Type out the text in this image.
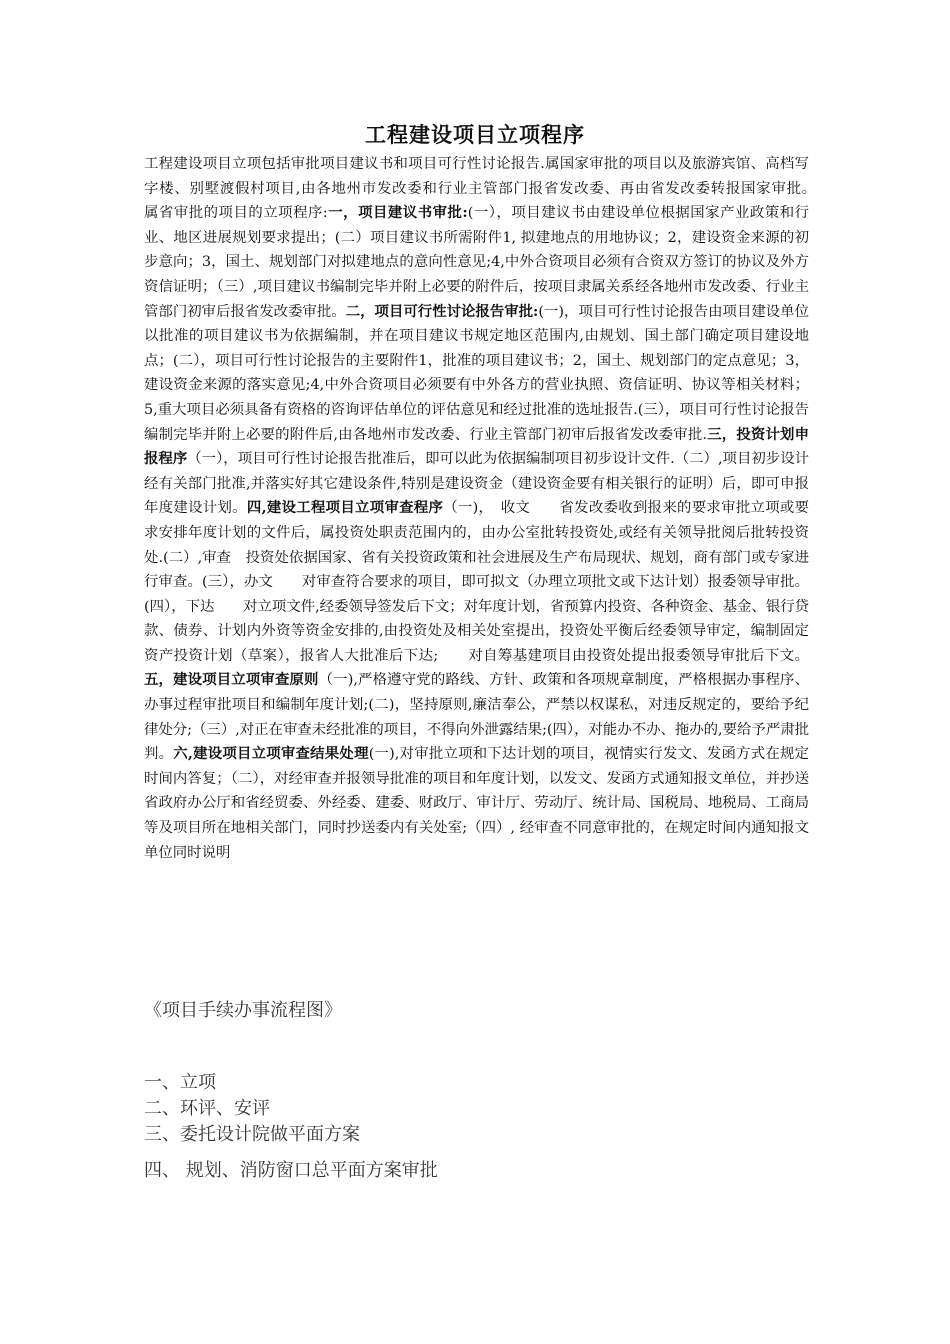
工程建设项目立项程序
工程建设项目立项包括审批项目建议书和项目可行性讨论报告.属国家审批的项目以及旅游宾馆、高档写字楼、别墅渡假村项目,由各地州市发改委和行业主管部门报省发改委、再由省发改委转报国家审批。　　属省审批的项目的立项程序:一，项目建议书审批:(一），项目建议书由建设单位根据国家产业政策和行业、地区进展规划要求提出；(二）项目建议书所需附件1, 拟建地点的用地协议；2，建设资金来源的初步意向；3，国土、规划部门对拟建地点的意向性意见;4,中外合资项目必须有合资双方签订的协议及外方资信证明；（三）,项目建议书编制完毕并附上必要的附件后，按项目隶属关系经各地州市发改委、行业主管部门初审后报省发改委审批。二，项目可行性讨论报告审批:(一)，项目可行性讨论报告由项目建设单位以批准的项目建议书为依据编制，并在项目建议书规定地区范围内,由规划、国土部门确定项目建设地点；(二），项目可行性讨论报告的主要附件1，批准的项目建议书；2，国土、规划部门的定点意见；3，建设资金来源的落实意见;4,中外合资项目必须要有中外各方的营业执照、资信证明、协议等相关材料；5,重大项目必须具备有资格的咨询评估单位的评估意见和经过批准的选址报告.(三），项目可行性讨论报告编制完毕并附上必要的附件后,由各地州市发改委、行业主管部门初审后报省发改委审批.三，投资计划申报程序（一），项目可行性讨论报告批准后，即可以此为依据编制项目初步设计文件.（二）,项目初步设计经有关部门批准,并落实好其它建设条件,特别是建设资金（建设资金要有相关银行的证明）后，即可申报年度建设计划。四,建设工程项目立项审查程序（一)，　收文　　省发改委收到报来的要求审批立项或要求安排年度计划的文件后，属投资处职责范围内的，由办公室批转投资处,或经有关领导批阅后批转投资处.(二）,审查　投资处依据国家、省有关投资政策和社会进展及生产布局现状、规划，商有部门或专家进行审查。(三），办文　　对审查符合要求的项目，即可拟文（办理立项批文或下达计划）报委领导审批。(四），下达　　对立项文件,经委领导签发后下文；对年度计划，省预算内投资、各种资金、基金、银行贷款、债券、计划内外资等资金安排的,由投资处及相关处室提出，投资处平衡后经委领导审定，编制固定资产投资计划（草案），报省人大批准后下达;　　对自筹基建项目由投资处提出报委领导审批后下文。五，建设项目立项审查原则（一),严格遵守党的路线、方针、政策和各项规章制度，严格根据办事程序、办事过程审批项目和编制年度计划;(二)，坚持原则,廉洁奉公，严禁以权谋私，对违反规定的，要给予纪律处分;（三）,对正在审查未经批准的项目，不得向外泄露结果;(四），对能办不办、拖办的,要给予严肃批判。六,建设项目立项审查结果处理(一),对审批立项和下达计划的项目，视情实行发文、发函方式在规定时间内答复；（二），对经审查并报领导批准的项目和年度计划，以发文、发函方式通知报文单位，并抄送省政府办公厅和省经贸委、外经委、建委、财政厅、审计厅、劳动厅、统计局、国税局、地税局、工商局等及项目所在地相关部门，同时抄送委内有关处室;（四）, 经审查不同意审批的，在规定时间内通知报文单位同时说明
《项目手续办事流程图》
一、立项
二、环评、安评
三、委托设计院做平面方案
四、 规划、消防窗口总平面方案审批
